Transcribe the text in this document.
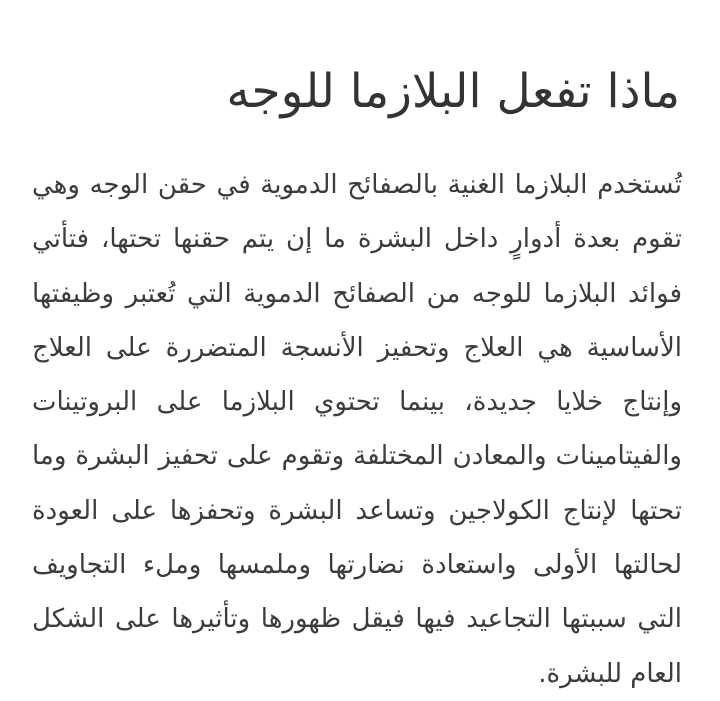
ماذا تفعل البلازما للوجه
تُستخدم البلازما الغنية بالصفائح الدموية في حقن الوجه وهي
تقوم بعدة أدوارٍ داخل البشرة ما إن يتم حقنها تحتها، فتأتي
فوائد البلازما للوجه من الصفائح الدموية التي تُعتبر وظيفتها
الأساسية هي العلاج وتحفيز الأنسجة المتضررة على العلاج
وإنتاج خلايا جديدة، بينما تحتوي البلازما على البروتينات
والفيتامينات والمعادن المختلفة وتقوم على تحفيز البشرة وما
تحتها لإنتاج الكولاجين وتساعد البشرة وتحفزها على العودة
لحالتها الأولى واستعادة نضارتها وملمسها وملء التجاويف
التي سببتها التجاعيد فيها فيقل ظهورها وتأثيرها على الشكل
العام للبشرة.
